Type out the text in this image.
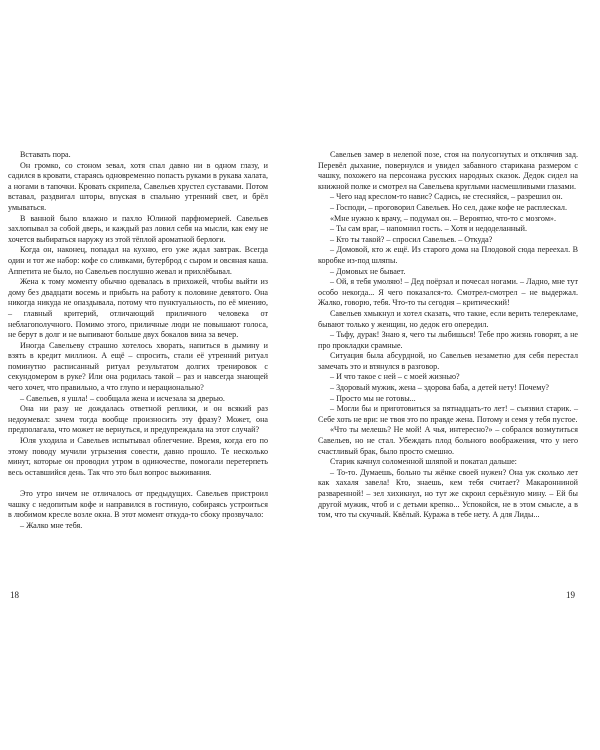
Вставать пора.

Он громко, со стоном зевал, хотя спал давно ни в одном глазу, и садился в кровати, стараясь одновременно попасть руками в рукава халата, а ногами в тапочки. Кровать скрипела, Савельев хрустел суставами. Потом вставал, раздвигал шторы, впуская в спальню утренний свет, и брёл умываться.

В ванной было влажно и пахло Юлиной парфюмерией. Савельев захлопывал за собой дверь, и каждый раз ловил себя на мысли, как ему не хочется выбираться наружу из этой тёплой ароматной берлоги.

Когда он, наконец, попадал на кухню, его уже ждал завтрак. Всегда один и тот же набор: кофе со сливками, бутерброд с сыром и овсяная каша. Аппетита не было, но Савельев послушно жевал и прихлёбывал.

Жена к тому моменту обычно одевалась в прихожей, чтобы выйти из дому без двадцати восемь и прибыть на работу к половине девятого. Она никогда никуда не опаздывала, потому что пунктуальность, по её мнению, – главный критерий, отличающий приличного человека от неблагополучного. Помимо этого, приличные люди не повышают голоса, не берут в долг и не выпивают больше двух бокалов вина за вечер.

Иногда Савельеву страшно хотелось хворать, напиться в дымину и взять в кредит миллион. А ещё – спросить, стали её утренний ритуал поминутно расписанный ритуал результатом долгих тренировок с секундомером в руке? Или она родилась такой – раз и навсегда знающей чего хочет, что правильно, а что глупо и нерационально?

– Савельев, я ушла! – сообщала жена и исчезала за дверью.

Она ни разу не дождалась ответной реплики, и он всякий раз недоумевал: зачем тогда вообще произносить эту фразу? Может, она предполагала, что может не вернуться, и предупреждала на этот случай?

Юля уходила и Савельев испытывал облегчение. Время, когда его по этому поводу мучили угрызения совести, давно прошло. Те несколько минут, которые он проводил утром в одиночестве, помогали перетерпеть весь оставшийся день. Так что это был вопрос выживания.

Это утро ничем не отличалось от предыдущих. Савельев пристроил чашку с недопитым кофе и направился в гостиную, собираясь устроиться в любимом кресле возле окна. В этот момент откуда-то сбоку прозвучало:

– Жалко мне тебя.

Савельев замер в нелепой позе, стоя на полусогнутых и отклячив зад. Перевёл дыхание, повернулся и увидел забавного старикана размером с чашку, похожего на персонажа русских народных сказок. Дедок сидел на книжной полке и смотрел на Савельева круглыми насмешливыми глазами.

– Чего над креслом-то навис? Садись, не стесняйся, – разрешил он.

– Господи, – проговорил Савельев. Но сел, даже кофе не расплескал.

«Мне нужно к врачу, – подумал он. – Вероятно, что-то с мозгом».

– Ты сам враг, – напомнил гость. – Хотя и недоделанный.

– Кто ты такой? – спросил Савельев. – Откуда?

– Домовой, кто ж ещё. Из старого дома на Плодовой сюда переехал. В коробке из-под шляпы.

– Домовых не бывает.

– Ой, я тебя умоляю! – Дед поёрзал и почесал ногами. – Ладно, мне тут особо некогда... Я чего показался-то. Смотрел-смотрел – не выдержал. Жалко, говорю, тебя. Что-то ты сегодня – критический!

Савельев хмыкнул и хотел сказать, что такие, если верить телерекламе, бывают только у женщин, но дедок его опередил.

– Тьфу, дурак! Знаю я, чего ты лыбишься! Тебе про жизнь говорят, а не про прокладки срамные.

Ситуация была абсурдной, но Савельев незаметно для себя перестал замечать это и втянулся в разговор.

– И что такое с ней – с моей жизнью?

– Здоровый мужик, жена – здорова баба, а детей нету! Почему?

– Просто мы не готовы...

– Могли бы и приготовиться за пятнадцать-то лет! – съязвил старик. – Себе хоть не ври: не твоя это по правде жена. Потому и семя у тебя пустое.

«Что ты мелешь? Не мой! А чья, интересно?» – собрался возмутиться Савельев, но не стал. Убеждать плод больного воображения, что у него счастливый брак, было просто смешно.

Старик качнул соломенной шляпой и покатал дальше:

– То-то. Думаешь, больно ты жёнке своей нужен? Она уж сколько лет как хахаля завела! Кто, знаешь, кем тебя считает? Макаронниной разваренной! – зел хихикнул, но тут же скроил серьёзную мину. – Ей бы другой мужик, чтоб и с детьми крепко... Успокойся, не в этом смысле, а в том, что ты скучный. Квёлый. Куража в тебе нету. А для Лиды...

18	19
